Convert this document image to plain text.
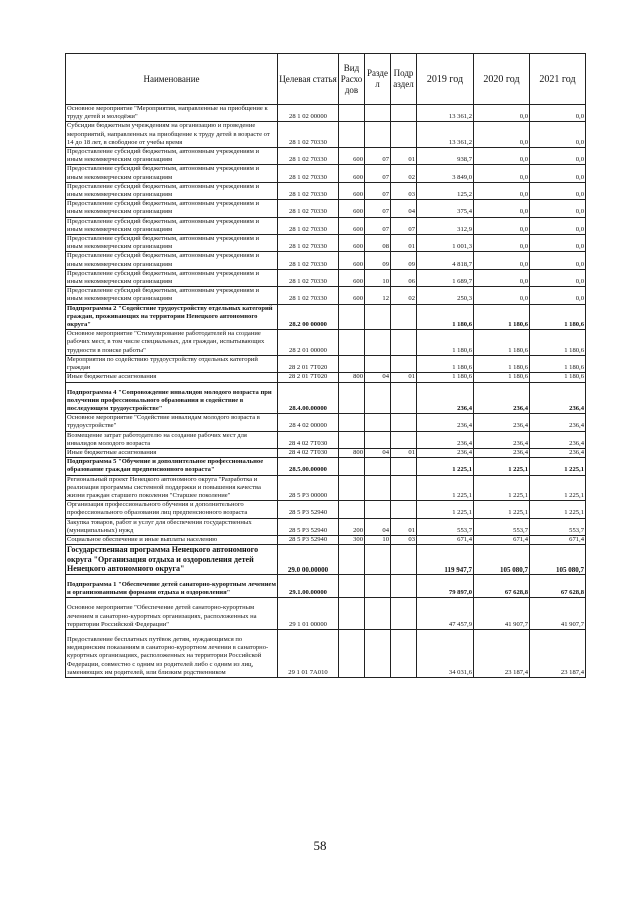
Наименование	Целевая статья	Вид Расхо дов	Разде л	Подр аздел	2019 год	2020 год	2021 год
Основное мероприятие "Мероприятия, направленные на приобщение к труду детей и молодёжи"	28 1 02 00000				13 361,2	0,0	0,0
Субсидии бюджетным учреждениям на организацию и проведение мероприятий, направленных на приобщение к труду детей в возрасте от 14 до 18 лет, в свободное от учебы время	28 1 02 70330				13 361,2	0,0	0,0
Предоставление субсидий бюджетным, автономным учреждениям и иным некоммерческим организациям	28 1 02 70330	600	07	01	938,7	0,0	0,0
Предоставление субсидий бюджетным, автономным учреждениям и иным некоммерческим организациям	28 1 02 70330	600	07	02	3 849,0	0,0	0,0
Предоставление субсидий бюджетным, автономным учреждениям и иным некоммерческим организациям	28 1 02 70330	600	07	03	125,2	0,0	0,0
Предоставление субсидий бюджетным, автономным учреждениям и иным некоммерческим организациям	28 1 02 70330	600	07	04	375,4	0,0	0,0
Предоставление субсидий бюджетным, автономным учреждениям и иным некоммерческим организациям	28 1 02 70330	600	07	07	312,9	0,0	0,0
Предоставление субсидий бюджетным, автономным учреждениям и иным некоммерческим организациям	28 1 02 70330	600	08	01	1 001,3	0,0	0,0
Предоставление субсидий бюджетным, автономным учреждениям и иным некоммерческим организациям	28 1 02 70330	600	09	09	4 818,7	0,0	0,0
Предоставление субсидий бюджетным, автономным учреждениям и иным некоммерческим организациям	28 1 02 70330	600	10	06	1 689,7	0,0	0,0
Предоставление субсидий бюджетным, автономным учреждениям и иным некоммерческим организациям	28 1 02 70330	600	12	02	250,3	0,0	0,0
Подпрограмма 2 "Содействие трудоустройству отдельных категорий граждан, проживающих на территории Ненецкого автономного округа"	28.2 00 00000				1 180,6	1 180,6	1 180,6
Основное мероприятие "Стимулирование работодателей на создание рабочих мест, в том числе специальных, для граждан, испытывающих трудности в поиске работы"	28 2 01 00000				1 180,6	1 180,6	1 180,6
Мероприятия по содействию трудоустройству отдельных категорий граждан	28 2 01 7Т020				1 180,6	1 180,6	1 180,6
Иные бюджетные ассигнования	28 2 01 7Т020	800	04	01	1 180,6	1 180,6	1 180,6
Подпрограмма 4 "Сопровождение инвалидов молодого возраста при получении профессионального образования и содействие в последующем трудоустройстве"	28.4.00.00000				236,4	236,4	236,4
Основное мероприятие "Содействие инвалидам молодого возраста в трудоустройстве"	28 4 02 00000				236,4	236,4	236,4
Возмещение затрат работодателю на создание рабочих мест для инвалидов молодого возраста	28 4 02 7Т030				236,4	236,4	236,4
Иные бюджетные ассигнования	28 4 02 7Т030	800	04	01	236,4	236,4	236,4
Подпрограмма 5 "Обучение и дополнительное профессиональное образование граждан предпенсионного возраста"	28.5.00.00000				1 225,1	1 225,1	1 225,1
Региональный проект Ненецкого автономного округа "Разработка и реализация программы системной поддержки и повышения качества жизни граждан старшего поколения "Старшее поколение"	28 5 P3 00000				1 225,1	1 225,1	1 225,1
Организация профессионального обучения и дополнительного профессионального образования лиц предпенсионного возраста	28 5 P3 52940				1 225,1	1 225,1	1 225,1
Закупка товаров, работ и услуг для обеспечения государственных (муниципальных) нужд	28 5 P3 52940	200	04	01	553,7	553,7	553,7
Социальное обеспечение и иные выплаты населению	28 5 P3 52940	300	10	03	671,4	671,4	671,4
Государственная программа Ненецкого автономного округа "Организация отдыха и оздоровления детей Ненецкого автономного округа"	29.0 00.00000				119 947,7	105 080,7	105 080,7
Подпрограмма 1 "Обеспечение детей санаторно-курортным лечением и организованными формами отдыха и оздоровления"	29.1.00.00000				79 897,0	67 628,8	67 628,8
Основное мероприятие "Обеспечение детей санаторно-курортным лечением в санаторно-курортных организациях, расположенных на территории Российской Федерации"	29 1 01 00000				47 457,9	41 907,7	41 907,7
Предоставление бесплатных путёвок детям, нуждающимся по медицинским показаниям в санаторно-курортном лечении в санаторно-курортных организациях, расположенных на территории Российской Федерации, совместно с одним из родителей либо с одним из лиц, заменяющих им родителей, или близким родственником	29 1 01 7А010				34 031,6	23 187,4	23 187,4
58
